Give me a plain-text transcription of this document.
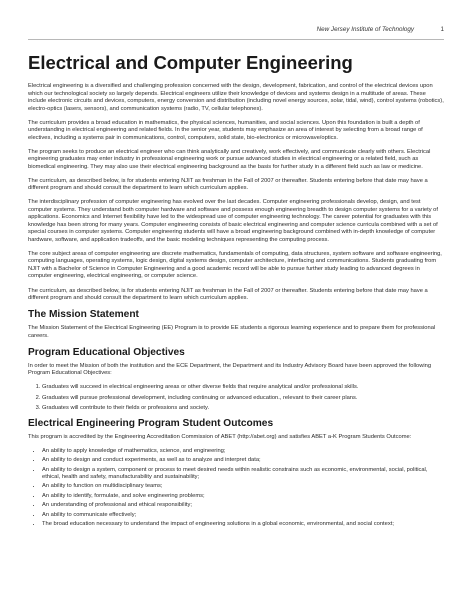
New Jersey Institute of Technology	1
Electrical and Computer Engineering

Electrical engineering is a diversified and challenging profession concerned with the design, development, fabrication, and control of the electrical devices upon which our technological society so largely depends. Electrical engineers utilize their knowledge of devices and systems design in a multitude of areas. These include electronic circuits and devices, computers, energy conversion and distribution (including novel energy sources, solar, tidal, wind), control systems (robotics), electro-optics (lasers, sensors), and communication systems (radio, TV, cellular telephones).

The curriculum provides a broad education in mathematics, the physical sciences, humanities, and social sciences. Upon this foundation is built a depth of understanding in electrical engineering and related fields. In the senior year, students may emphasize an area of interest by selecting from a broad range of electives, including a systems pair in communications, control, computers, solid state, bio-electronics or microwave/optics.

The program seeks to produce an electrical engineer who can think analytically and creatively, work effectively, and communicate clearly with others. Electrical engineering graduates may enter industry in professional engineering work or pursue advanced studies in electrical engineering or a related field, such as biomedical engineering. They may also use their electrical engineering background as the basis for further study in a different field such as law or medicine.

The curriculum, as described below, is for students entering NJIT as freshman in the Fall of 2007 or thereafter. Students entering before that date may have a different program and should consult the department to learn which curriculum applies.

The interdisciplinary profession of computer engineering has evolved over the last decades. Computer engineering professionals develop, design, and test computer systems. They understand both computer hardware and software and possess enough engineering breadth to design computer systems for a variety of applications. Economics and Internet flexibility have led to the widespread use of computer engineering technology. The career potential for graduates with this knowledge has been strong for many years. Computer engineering consists of basic electrical engineering and computer science curricula combined with a set of special courses in computer systems. Computer engineering students will have a broad engineering background combined with in-depth knowledge of computer hardware, software, and application tradeoffs, and the basic modeling techniques representing the computing process.

The core subject areas of computer engineering are discrete mathematics, fundamentals of computing, data structures, system software and software engineering, computing languages, operating systems, logic design, digital systems design, computer architecture, interfacing and communications. Students graduating from NJIT with a Bachelor of Science in Computer Engineering and a good academic record will be able to pursue further study leading to advanced degrees in computer engineering, electrical engineering, or computer science.

The curriculum, as described below, is for students entering NJIT as freshman in the Fall of 2007 or thereafter. Students entering before that date may have a different program and should consult the department to learn which curriculum applies.

The Mission Statement

The Mission Statement of the Electrical Engineering (EE) Program is to provide EE students a rigorous learning experience and to prepare them for professional careers.

Program Educational Objectives

In order to meet the Mission of both the institution and the ECE Department, the Department and its Industry Advisory Board have been approved the following Program Educational Objectives:

1. Graduates will succeed in electrical engineering areas or other diverse fields that require analytical and/or professional skills.
2. Graduates will pursue professional development, including continuing or advanced education., relevant to their career plans.
3. Graduates will contribute to their fields or professions and society.
Electrical Engineering Program Student Outcomes

This program is accredited by the Engineering Accreditation Commission of ABET (http://abet.org) and satisfies ABET a-K Program Students Outcome:

• An ability to apply knowledge of mathematics, science, and engineering;
• An ability to design and conduct experiments, as well as to analyze and interpret data;
• An ability to design a system, component or process to meet desired needs within realistic constrains such as economic, environmental, social, political, ethical, health and safety, manufacturability and sustainability;
• An ability to function on multidisciplinary teams;
• An ability to identify, formulate, and solve engineering problems;
• An understanding of professional and ethical responsibility;
• An ability to communicate effectively;
• The broad education necessary to understand the impact of engineering solutions in a global economic, environmental, and social context;
